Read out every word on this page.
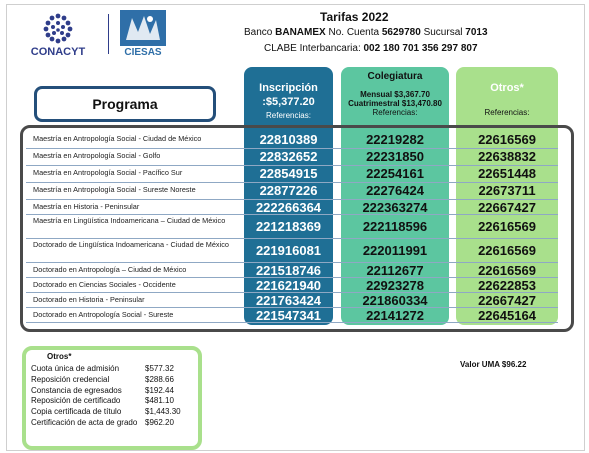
CONACYT	CIESAS
Tarifas 2022
Banco BANAMEX No. Cuenta 5629780 Sucursal 7013
CLABE Interbancaria: 002 180 701 356 297 807
Programa
Inscripción
:$5,377.20
Referencias:
Colegiatura
Mensual $3,367.70
Cuatrimestral $13,470.80
Referencias:
Otros*
Referencias:
Maestría en Antropología Social - Ciudad de México	22810389	22219282	22616569
Maestría en Antropología Social - Golfo	22832652	22231850	22638832
Maestría en Antropología Social - Pacífico Sur	22854915	22254161	22651448
Maestría en Antropología Social - Sureste Noreste	22877226	22276424	22673711
Maestría en Historia - Peninsular	222266364	222363274	22667427
Maestría en Lingüística Indoamericana – Ciudad de México	221218369	222118596	22616569
Doctorado de Lingüística Indoamericana - Ciudad de México	221916081	222011991	22616569
Doctorado en Antropología – Ciudad de México	221518746	22112677	22616569
Doctorado en Ciencias Sociales - Occidente	221621940	22923278	22622853
Doctorado en Historia - Peninsular	221763424	221860334	22667427
Doctorado en Antropología Social - Sureste	221547341	22141272	22645164
Otros*
Cuota única de admisión	$577.32
Reposición credencial	$288.66
Constancia de egresados	$192.44
Reposición de certificado	$481.10
Copia certificada de título	$1,443.30
Certificación de acta de grado $962.20
Valor UMA $96.22
